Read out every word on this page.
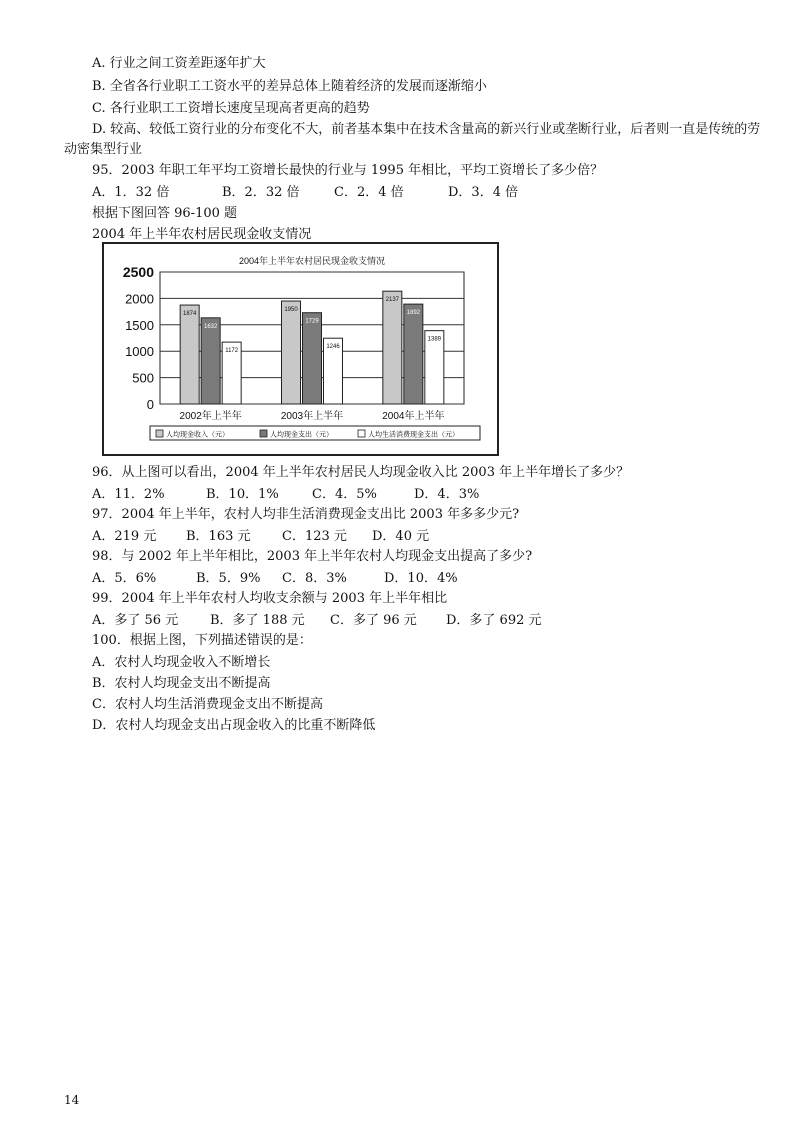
A. 行业之间工资差距逐年扩大
B. 全省各行业职工工资水平的差异总体上随着经济的发展而逐渐缩小
C. 各行业职工工资增长速度呈现高者更高的趋势
D. 较高、较低工资行业的分布变化不大，前者基本集中在技术含量高的新兴行业或垄断行业，后者则一直是传统的劳动密集型行业
95．2003 年职工年平均工资增长最快的行业与 1995 年相比，平均工资增长了多少倍？
A．1．32 倍	B．2．32 倍	C．2．4 倍	D．3．4 倍
根据下图回答 96-100 题
2004 年上半年农村居民现金收支情况
2004年上半年农村居民现金收支情况
2500
2000
1500
1000
500
0
1874
1632
1172
2002年上半年
1950
1729
1246
2003年上半年
2137
1892
1389
2004年上半年
人均现金收入（元）	人均现金支出（元）	人均生活消费现金支出（元）
96．从上图可以看出，2004 年上半年农村居民人均现金收入比 2003 年上半年增长了多少？
A．11．2%	B．10．1%	C．4．5%	D．4．3%
97．2004 年上半年，农村人均非生活消费现金支出比 2003 年多多少元?
A．219 元 B．163 元 C．123 元 D．40 元
98．与 2002 年上半年相比，2003 年上半年农村人均现金支出提高了多少?
A．5．6%	B．5．9% C．8．3%	D．10．4%
99．2004 年上半年农村人均收支余额与 2003 年上半年相比
A．多了 56 元 B．多了 188 元 C．多了 96 元 D．多了 692 元
100．根据上图，下列描述错误的是：
A．农村人均现金收入不断增长
B．农村人均现金支出不断提高
C．农村人均生活消费现金支出不断提高
D．农村人均现金支出占现金收入的比重不断降低
14
